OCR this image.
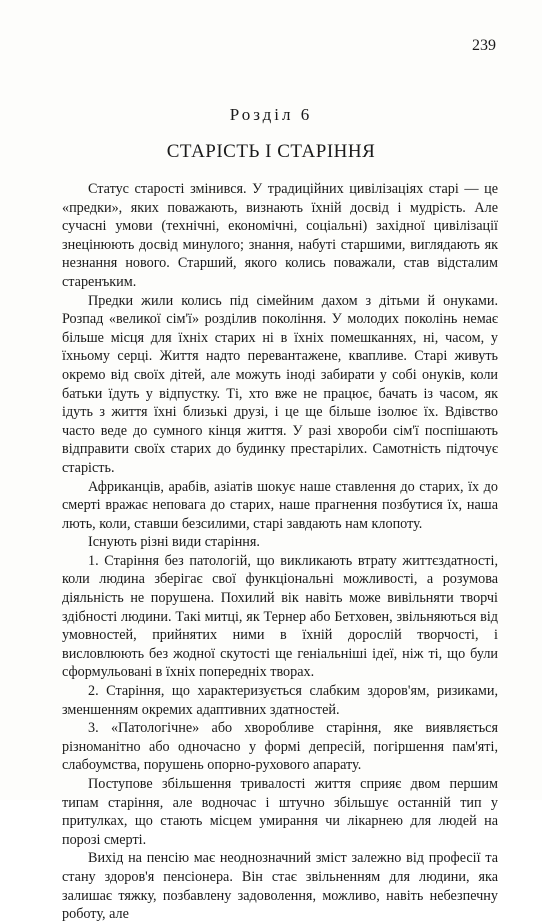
239
Розділ 6
СТАРІСТЬ І СТАРІННЯ

Статус старості змінився. У традиційних цивілізаціях старі — це «предки», яких поважають, визнають їхній досвід і мудрість. Але сучасні умови (технічні, економічні, соціальні) західної цивілізації знецінюють досвід минулого; знання, набуті старшими, виглядають як незнання нового. Старший, якого колись поважали, став відсталим старенъким.

Предки жили колись під сімейним дахом з дітьми й онуками. Розпад «великої сім'ї» розділив покоління. У молодих поколінь немає більше місця для їхніх старих ні в їхніх помешканнях, ні, часом, у їхньому серці. Життя надто перевантажене, квапливе. Старі живуть окремо від своїх дітей, але можуть іноді забирати у собі онуків, коли батьки їдуть у відпустку. Ті, хто вже не працює, бачать із часом, як ідуть з життя їхні близькі друзі, і це ще більше ізолює їх. Вдівство часто веде до сумного кінця життя. У разі хвороби сім'ї поспішають відправити своїх старих до будинку престарілих. Самотність підточує старість.

Африканців, арабів, азіатів шокує наше ставлення до старих, їх до смерті вражає неповага до старих, наше прагнення позбутися їх, наша лють, коли, ставши безсилими, старі завдають нам клопоту.

Існують різні види старіння.

1. Старіння без патологій, що викликають втрату життєздатності, коли людина зберігає свої функціональні можливості, а розумова діяльність не порушена. Похилий вік навіть може вивільняти творчі здібності людини. Такі митці, як Тернер або Бетховен, звільняються від умовностей, прийнятих ними в їхній дорослій творчості, і висловлюють без жодної скутості ще геніальніші ідеї, ніж ті, що були сформульовані в їхніх попередніх творах.

2. Старіння, що характеризується слабким здоров'ям, ризиками, зменшенням окремих адаптивних здатностей.

3. «Патологічне» або хворобливе старіння, яке виявляється різноманітно або одночасно у формі депресій, погіршення пам'яті, слабоумства, порушень опорно-рухового апарату.

Поступове збільшення тривалості життя сприяє двом першим типам старіння, але водночас і штучно збільшує останній тип у притулках, що стають місцем умирання чи лікарнею для людей на порозі смерті.

Вихід на пенсію має неоднозначний зміст залежно від професії та стану здоров'я пенсіонера. Він стає звільненням для людини, яка залишає тяжку, позбавлену задоволення, можливо, навіть небезпечну роботу, але
